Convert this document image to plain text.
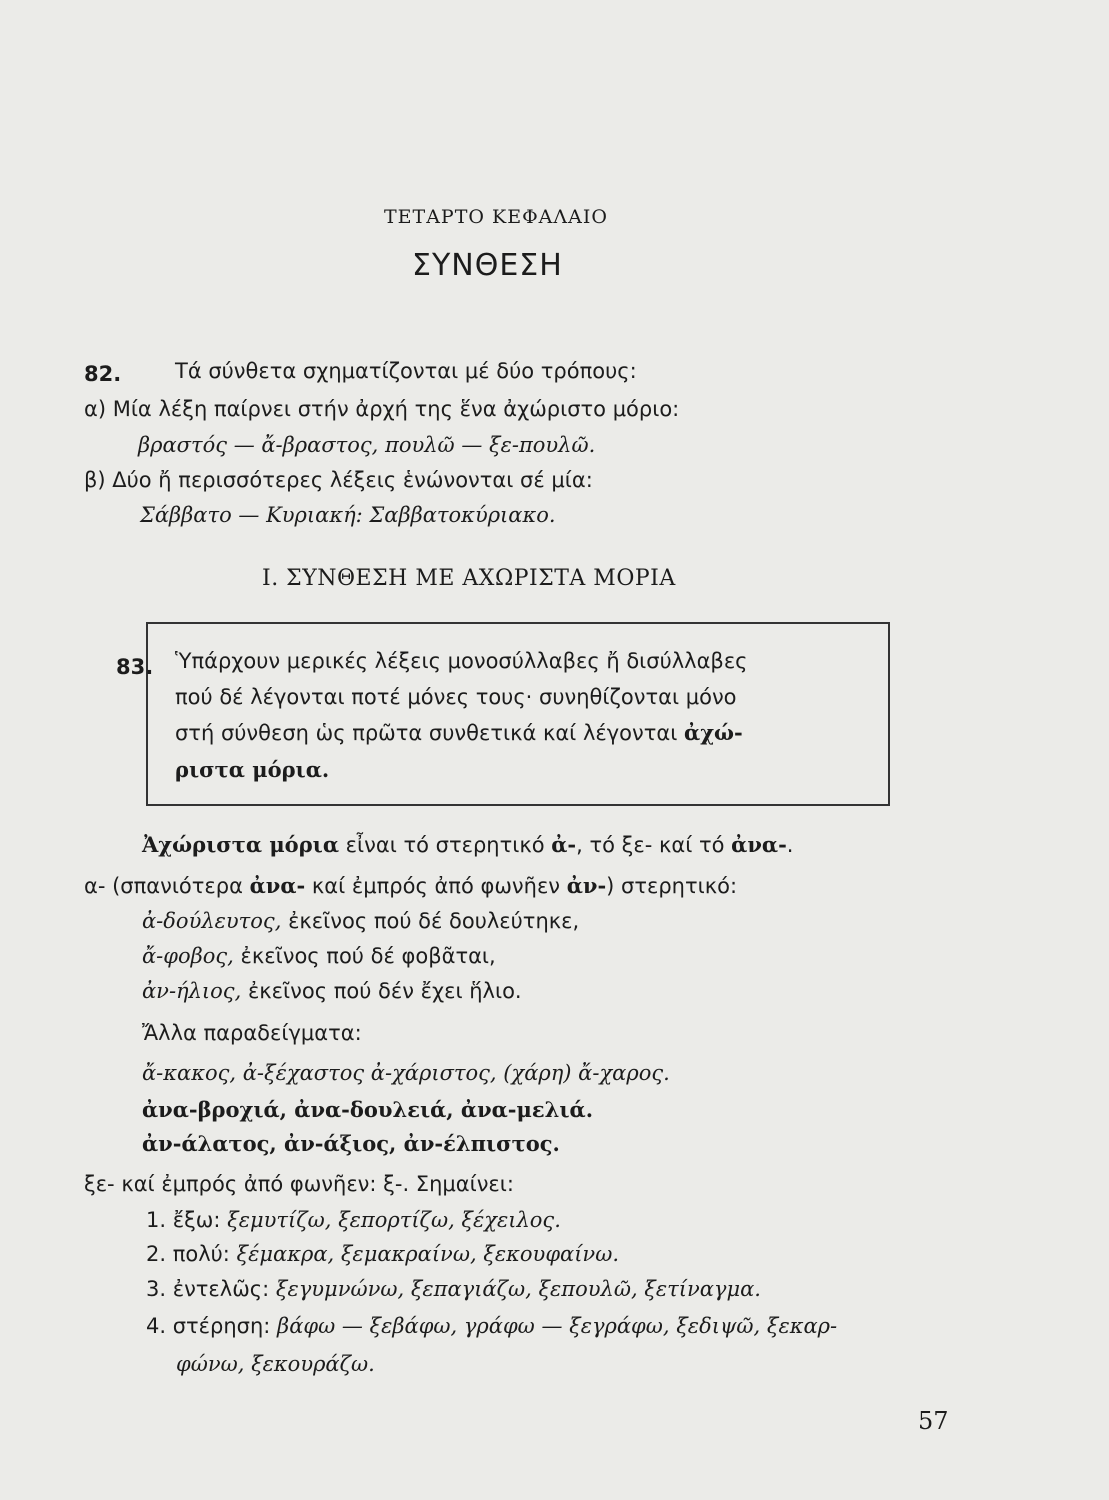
ΤΕΤΑΡΤΟ ΚΕΦΑΛΑΙΟ
ΣΥΝΘΕΣΗ
82.	Τά σύνθετα σχηματίζονται μέ δύο τρόπους:
α) Μία λέξη παίρνει στήν ἀρχή της ἕνα ἀχώριστο μόριο:
βραστός — ἄ-βραστος, πουλῶ — ξε-πουλῶ.
β) Δύο ἤ περισσότερες λέξεις ἑνώνονται σέ μία:
Σάββατο — Κυριακή: Σαββατοκύριακο.
Ι. ΣΥΝΘΕΣΗ ΜΕ ΑΧΩΡΙΣΤΑ ΜΟΡΙΑ
83. Ὑπάρχουν μερικές λέξεις μονοσύλλαβες ἤ δισύλλαβες
πού δέ λέγονται ποτέ μόνες τους· συνηθίζονται μόνο
στή σύνθεση ὡς πρῶτα συνθετικά καί λέγονται ἀχώ-
ριστα μόρια.
Ἀχώριστα μόρια εἶναι τό στερητικό ἀ-, τό ξε- καί τό ἀνα-.
α- (σπανιότερα ἀνα- καί ἐμπρός ἀπό φωνῆεν ἀν-) στερητικό:
ἀ-δούλευτος, ἐκεῖνος πού δέ δουλεύτηκε,
ἄ-φοβος, ἐκεῖνος πού δέ φοβᾶται,
ἀν-ήλιος, ἐκεῖνος πού δέν ἔχει ἥλιο.
Ἄλλα παραδείγματα:
ἄ-κακος, ἀ-ξέχαστος ἀ-χάριστος, (χάρη) ἄ-χαρος.
ἀνα-βροχιά, ἀνα-δουλειά, ἀνα-μελιά.
ἀν-άλατος, ἀν-άξιος, ἀν-έλπιστος.
ξε- καί ἐμπρός ἀπό φωνῆεν: ξ-. Σημαίνει:
1. ἔξω: ξεμυτίζω, ξεπορτίζω, ξέχειλος.
2. πολύ: ξέμακρα, ξεμακραίνω, ξεκουφαίνω.
3. ἐντελῶς: ξεγυμνώνω, ξεπαγιάζω, ξεπουλῶ, ξετίναγμα.
4. στέρηση: βάφω — ξεβάφω, γράφω — ξεγράφω, ξεδιψῶ, ξεκαρ-
φώνω, ξεκουράζω.
57
